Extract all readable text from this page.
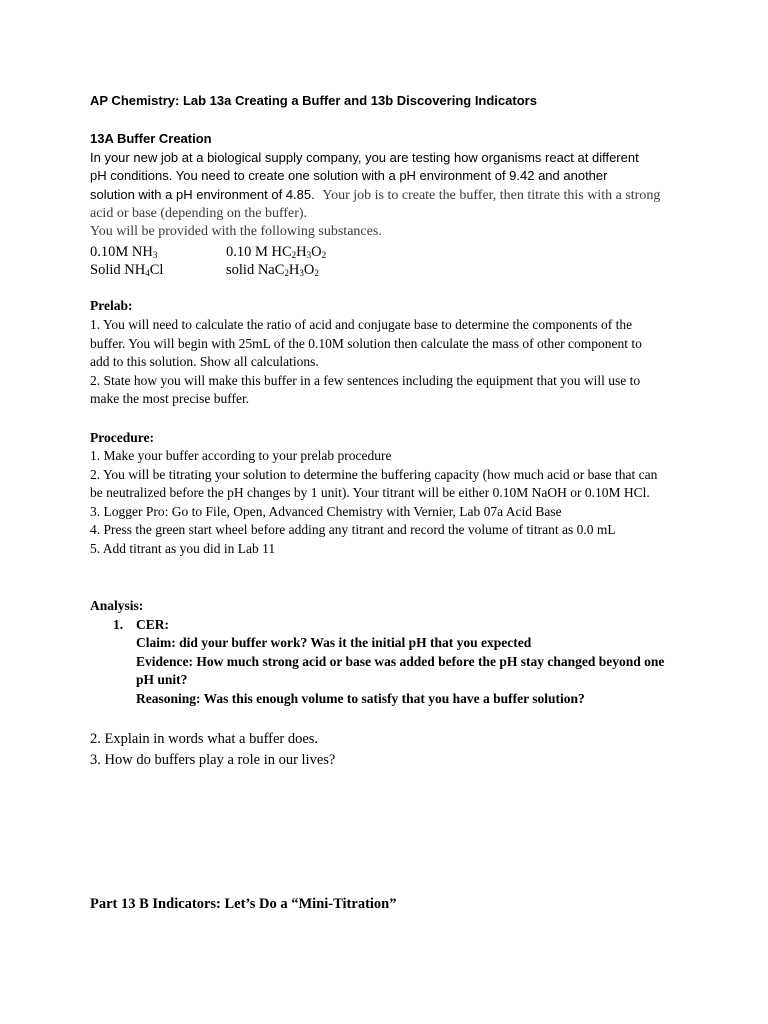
AP Chemistry: Lab 13a Creating a Buffer and 13b Discovering Indicators
13A Buffer Creation
In your new job at a biological supply company, you are testing how organisms react at different
pH conditions. You need to create one solution with a pH environment of 9.42 and another
solution with a pH environment of 4.85. Your job is to create the buffer, then titrate this with a strong
acid or base (depending on the buffer).
You will be provided with the following substances.
0.10M $NH_3$	0.10 M $HC_2H_3O_2$
Solid $NH_4Cl$	solid $NaC_2H_3O_2$
Prelab:
1. You will need to calculate the ratio of acid and conjugate base to determine the components of the
buffer. You will begin with 25mL of the 0.10M solution then calculate the mass of other component to
add to this solution. Show all calculations.
2. State how you will make this buffer in a few sentences including the equipment that you will use to
make the most precise buffer.
Procedure:
1. Make your buffer according to your prelab procedure
2. You will be titrating your solution to determine the buffering capacity (how much acid or base that can
be neutralized before the pH changes by 1 unit). Your titrant will be either 0.10M NaOH or 0.10M HCl.
3. Logger Pro: Go to File, Open, Advanced Chemistry with Vernier, Lab 07a Acid Base
4. Press the green start wheel before adding any titrant and record the volume of titrant as 0.0 mL
5. Add titrant as you did in Lab 11
Analysis:
1. CER:
Claim: did your buffer work? Was it the initial pH that you expected
Evidence: How much strong acid or base was added before the pH stay changed beyond one
pH unit?
Reasoning: Was this enough volume to satisfy that you have a buffer solution?
2. Explain in words what a buffer does.
3. How do buffers play a role in our lives?
Part 13 B Indicators: Let’s Do a “Mini-Titration”
